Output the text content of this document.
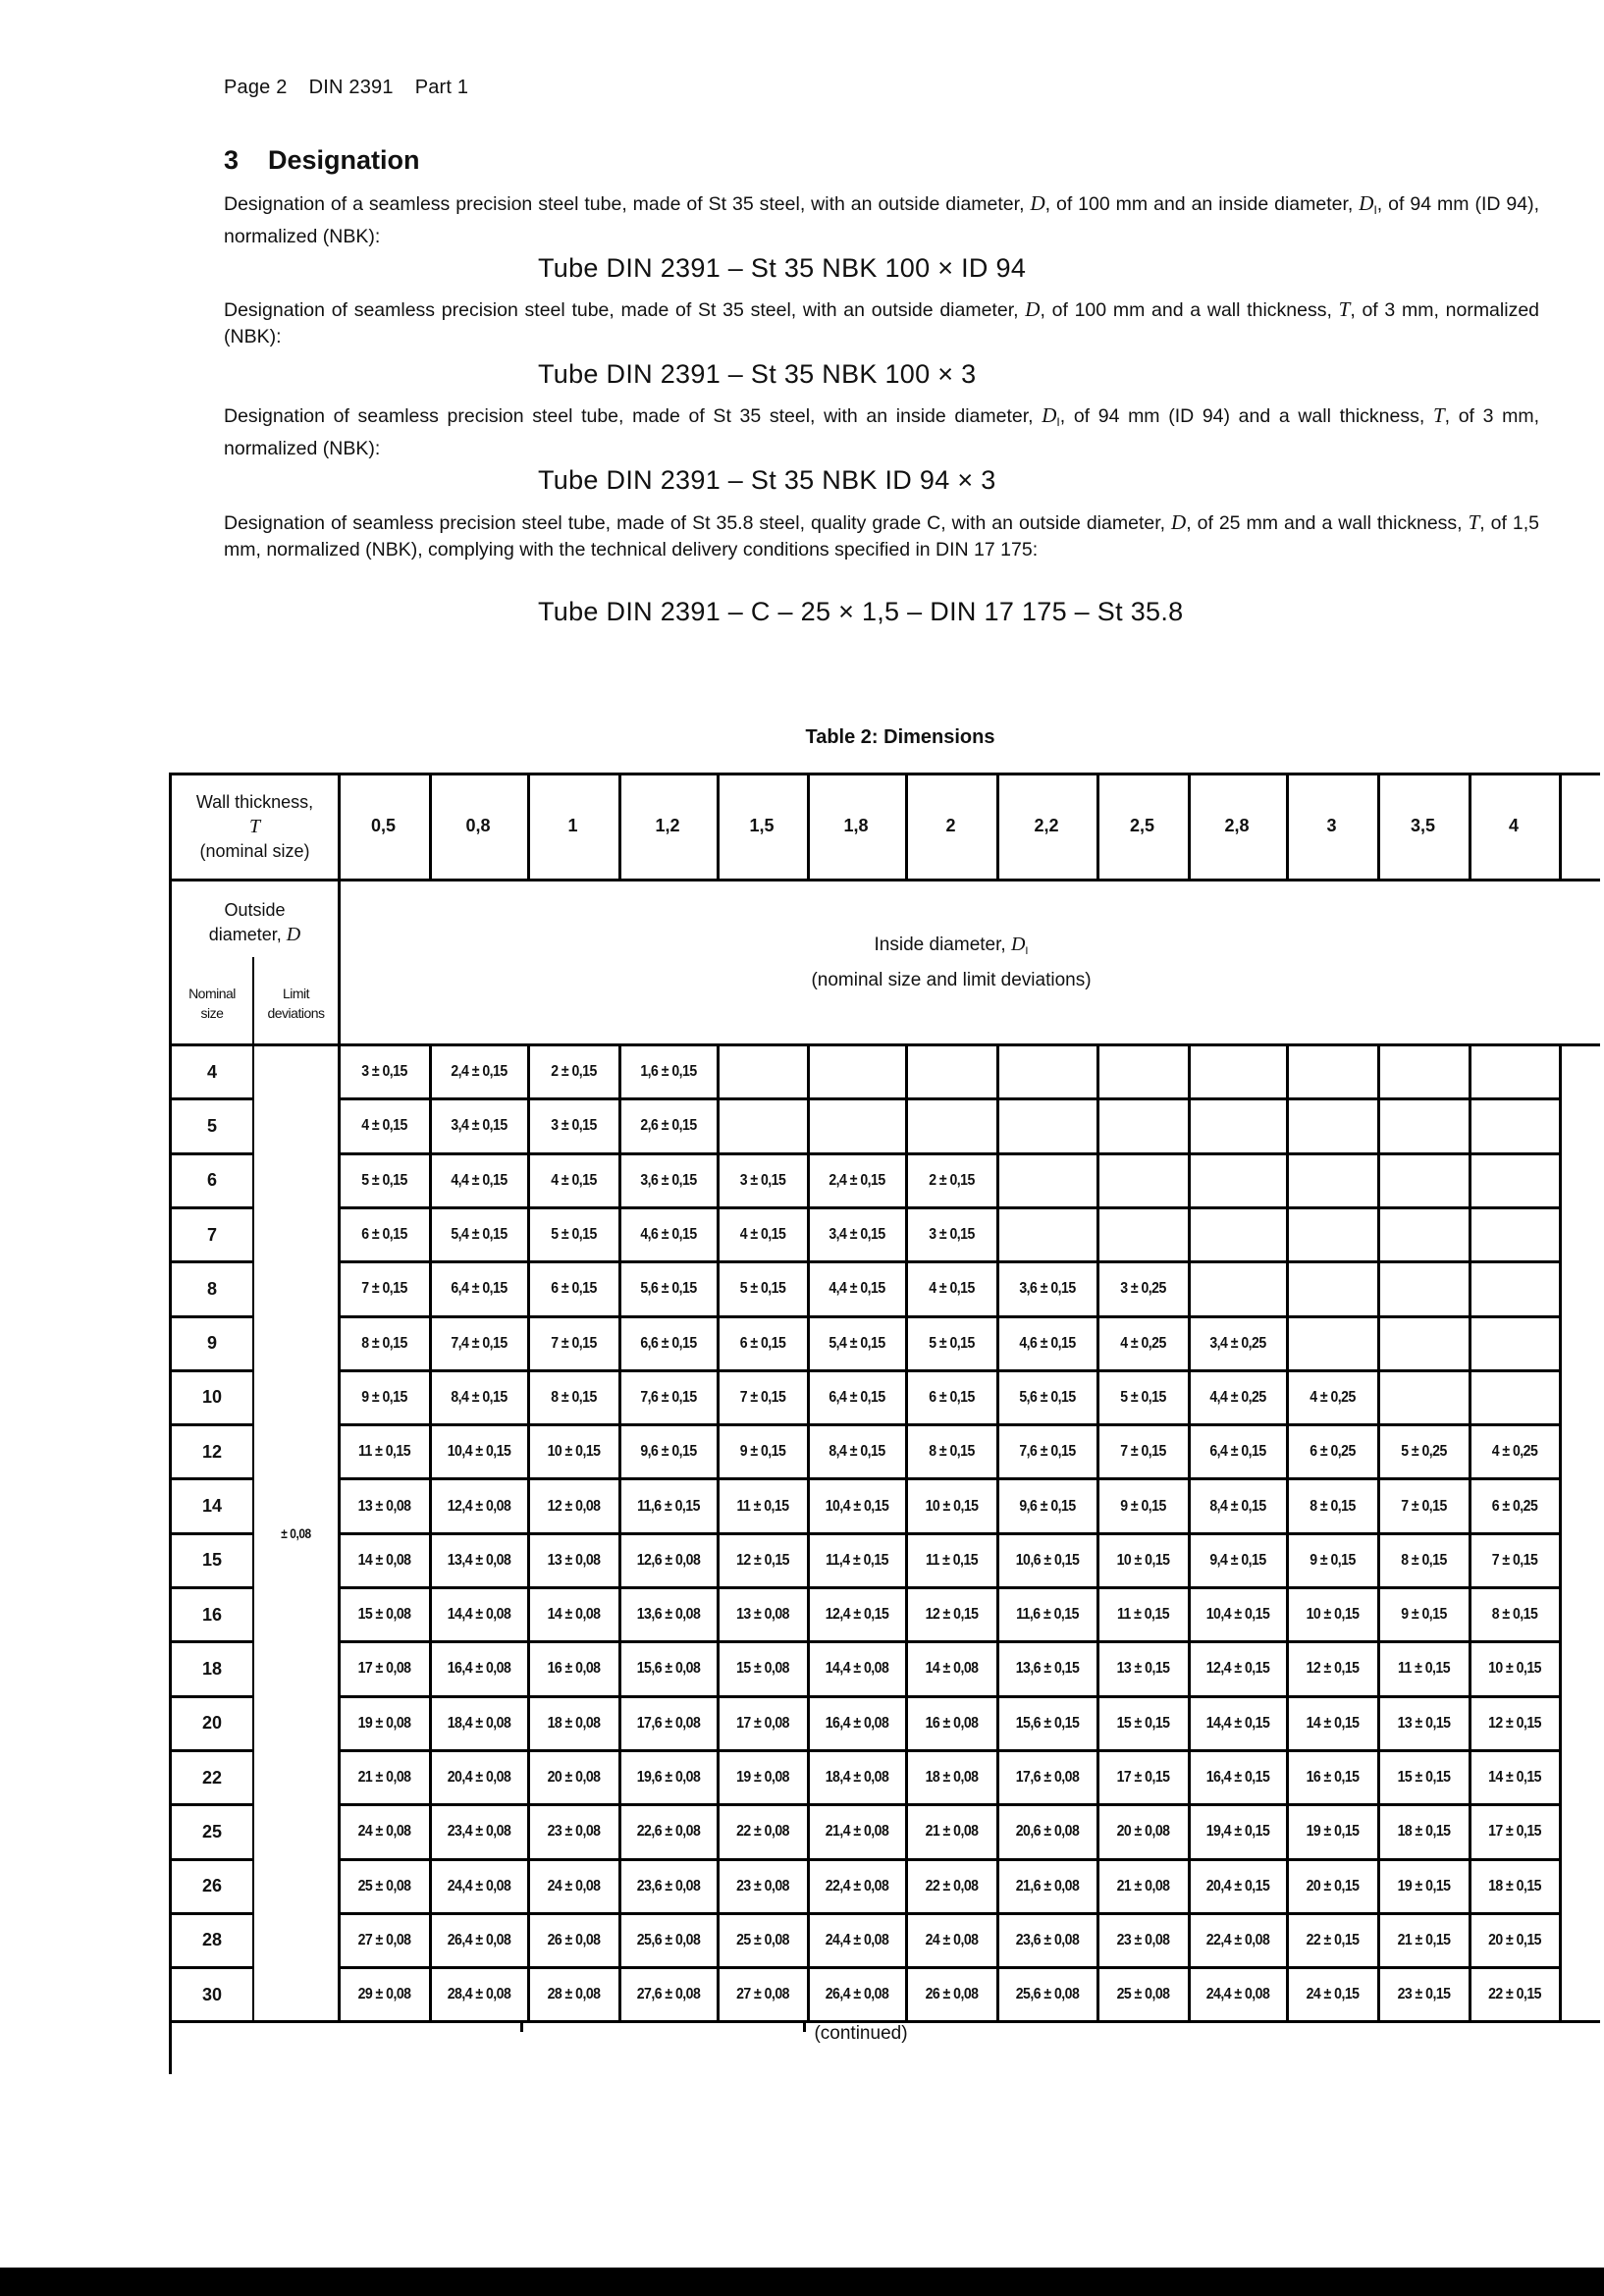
Page 2 DIN 2391 Part 1
3 Designation

Designation of a seamless precision steel tube, made of St 35 steel, with an outside diameter, D, of 100 mm and an inside diameter, $D_I$, of 94 mm (ID 94), normalized (NBK):

Tube DIN 2391 – St 35 NBK 100 × ID 94

Designation of seamless precision steel tube, made of St 35 steel, with an outside diameter, D, of 100 mm and a wall thickness, T, of 3 mm, normalized (NBK):

Tube DIN 2391 – St 35 NBK 100 × 3

Designation of seamless precision steel tube, made of St 35 steel, with an inside diameter, $D_I$, of 94 mm (ID 94) and a wall thickness, T, of 3 mm, normalized (NBK):

Tube DIN 2391 – St 35 NBK ID 94 × 3

Designation of seamless precision steel tube, made of St 35.8 steel, quality grade C, with an outside diameter, D, of 25 mm and a wall thickness, T, of 1,5 mm, normalized (NBK), complying with the technical delivery conditions specified in DIN 17 175:

Tube DIN 2391 – C – 25 × 1,5 – DIN 17 175 – St 35.8
Table 2: Dimensions
Wall thickness,
T
(nominal size)
0,5	0,8	1	1,2	1,5	1,8	2	2,2	2,5	2,8	3	3,5	4
Outside
diameter, D
Nominal
size
Limit
deviations
Inside diameter, $D_I$
(nominal size and limit deviations)
± 0,08
4	3 ± 0,15	2,4 ± 0,15	2 ± 0,15	1,6 ± 0,15
5	4 ± 0,15	3,4 ± 0,15	3 ± 0,15	2,6 ± 0,15
6	5 ± 0,15	4,4 ± 0,15	4 ± 0,15	3,6 ± 0,15	3 ± 0,15	2,4 ± 0,15	2 ± 0,15
7	6 ± 0,15	5,4 ± 0,15	5 ± 0,15	4,6 ± 0,15	4 ± 0,15	3,4 ± 0,15	3 ± 0,15
8	7 ± 0,15	6,4 ± 0,15	6 ± 0,15	5,6 ± 0,15	5 ± 0,15	4,4 ± 0,15	4 ± 0,15	3,6 ± 0,15	3 ± 0,25
9	8 ± 0,15	7,4 ± 0,15	7 ± 0,15	6,6 ± 0,15	6 ± 0,15	5,4 ± 0,15	5 ± 0,15	4,6 ± 0,15	4 ± 0,25	3,4 ± 0,25
10	9 ± 0,15	8,4 ± 0,15	8 ± 0,15	7,6 ± 0,15	7 ± 0,15	6,4 ± 0,15	6 ± 0,15	5,6 ± 0,15	5 ± 0,15	4,4 ± 0,25	4 ± 0,25
12	11 ± 0,15	10,4 ± 0,15	10 ± 0,15	9,6 ± 0,15	9 ± 0,15	8,4 ± 0,15	8 ± 0,15	7,6 ± 0,15	7 ± 0,15	6,4 ± 0,15	6 ± 0,25	5 ± 0,25	4 ± 0,25
14	13 ± 0,08	12,4 ± 0,08	12 ± 0,08	11,6 ± 0,15	11 ± 0,15	10,4 ± 0,15	10 ± 0,15	9,6 ± 0,15	9 ± 0,15	8,4 ± 0,15	8 ± 0,15	7 ± 0,15	6 ± 0,25
15	14 ± 0,08	13,4 ± 0,08	13 ± 0,08	12,6 ± 0,08	12 ± 0,15	11,4 ± 0,15	11 ± 0,15	10,6 ± 0,15	10 ± 0,15	9,4 ± 0,15	9 ± 0,15	8 ± 0,15	7 ± 0,15
16	15 ± 0,08	14,4 ± 0,08	14 ± 0,08	13,6 ± 0,08	13 ± 0,08	12,4 ± 0,15	12 ± 0,15	11,6 ± 0,15	11 ± 0,15	10,4 ± 0,15	10 ± 0,15	9 ± 0,15	8 ± 0,15
18	17 ± 0,08	16,4 ± 0,08	16 ± 0,08	15,6 ± 0,08	15 ± 0,08	14,4 ± 0,08	14 ± 0,08	13,6 ± 0,15	13 ± 0,15	12,4 ± 0,15	12 ± 0,15	11 ± 0,15	10 ± 0,15
20	19 ± 0,08	18,4 ± 0,08	18 ± 0,08	17,6 ± 0,08	17 ± 0,08	16,4 ± 0,08	16 ± 0,08	15,6 ± 0,15	15 ± 0,15	14,4 ± 0,15	14 ± 0,15	13 ± 0,15	12 ± 0,15
22	21 ± 0,08	20,4 ± 0,08	20 ± 0,08	19,6 ± 0,08	19 ± 0,08	18,4 ± 0,08	18 ± 0,08	17,6 ± 0,08	17 ± 0,15	16,4 ± 0,15	16 ± 0,15	15 ± 0,15	14 ± 0,15
25	24 ± 0,08	23,4 ± 0,08	23 ± 0,08	22,6 ± 0,08	22 ± 0,08	21,4 ± 0,08	21 ± 0,08	20,6 ± 0,08	20 ± 0,08	19,4 ± 0,15	19 ± 0,15	18 ± 0,15	17 ± 0,15
26	25 ± 0,08	24,4 ± 0,08	24 ± 0,08	23,6 ± 0,08	23 ± 0,08	22,4 ± 0,08	22 ± 0,08	21,6 ± 0,08	21 ± 0,08	20,4 ± 0,15	20 ± 0,15	19 ± 0,15	18 ± 0,15
28	27 ± 0,08	26,4 ± 0,08	26 ± 0,08	25,6 ± 0,08	25 ± 0,08	24,4 ± 0,08	24 ± 0,08	23,6 ± 0,08	23 ± 0,08	22,4 ± 0,08	22 ± 0,15	21 ± 0,15	20 ± 0,15
30	29 ± 0,08	28,4 ± 0,08	28 ± 0,08	27,6 ± 0,08	27 ± 0,08	26,4 ± 0,08	26 ± 0,08	25,6 ± 0,08	25 ± 0,08	24,4 ± 0,08	24 ± 0,15	23 ± 0,15	22 ± 0,15
(continued)
